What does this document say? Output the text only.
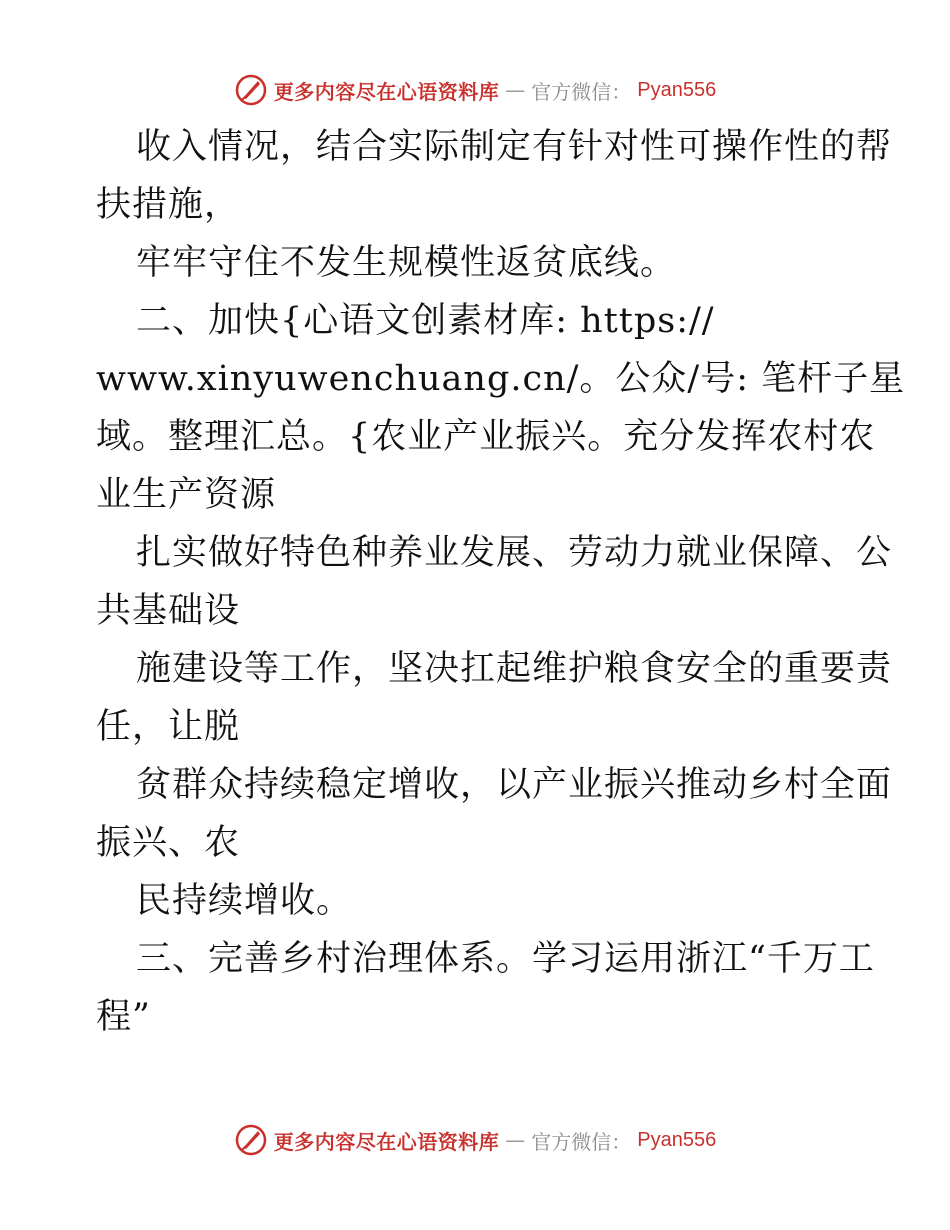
更多内容尽在心语资料库 — 官方微信： Pyan556
收入情况，结合实际制定有针对性可操作性的帮
扶措施，
牢牢守住不发生规模性返贫底线。
二、加快{心语文创素材库: https://
www.xinyuwenchuang.cn/。公众/号: 笔杆子星
域。整理汇总。{农业产业振兴。充分发挥农村农
业生产资源
扎实做好特色种养业发展、劳动力就业保障、公
共基础设
施建设等工作，坚决扛起维护粮食安全的重要责
任，让脱
贫群众持续稳定增收，以产业振兴推动乡村全面
振兴、农
民持续增收。
三、完善乡村治理体系。学习运用浙江“千万工
程”
更多内容尽在心语资料库 — 官方微信： Pyan556
